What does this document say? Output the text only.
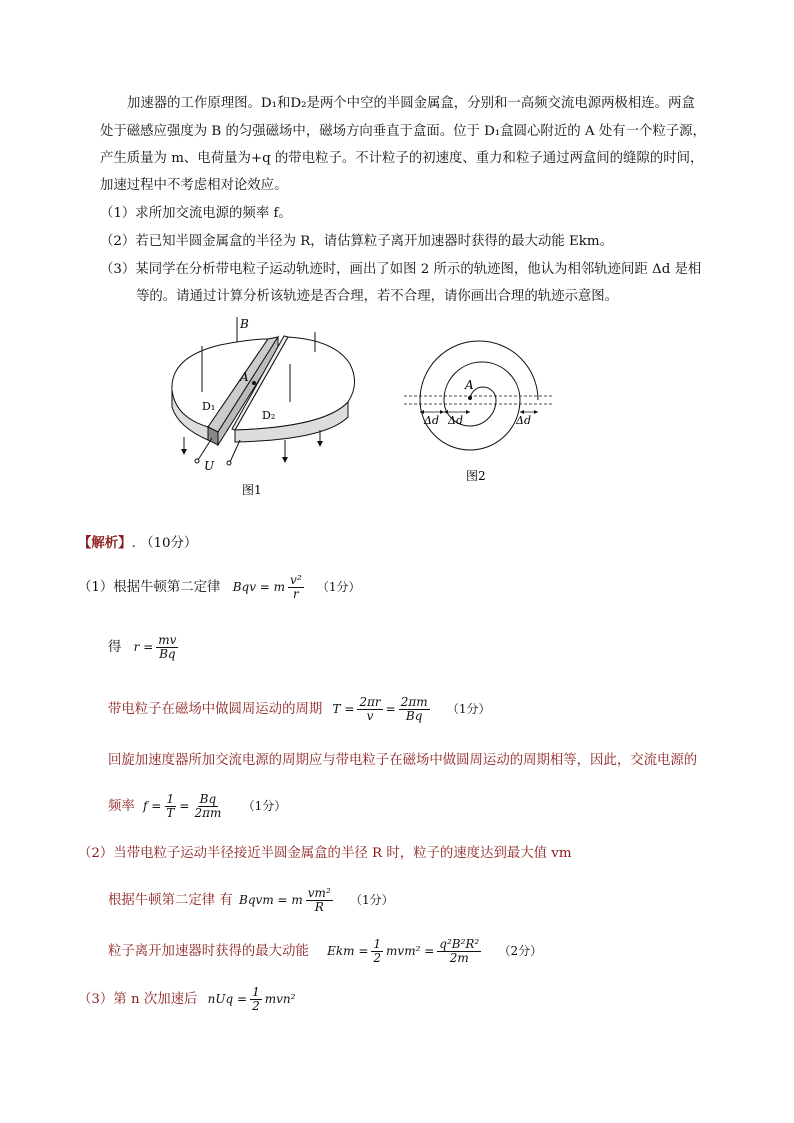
加速器的工作原理图。D₁和D₂是两个中空的半圆金属盒，分别和一高频交流电源两极相连。两盒
处于磁感应强度为 B 的匀强磁场中，磁场方向垂直于盒面。位于 D₁盒圆心附近的 A 处有一个粒子源，
产生质量为 m、电荷量为+q 的带电粒子。不计粒子的初速度、重力和粒子通过两盒间的缝隙的时间，
加速过程中不考虑相对论效应。
（1）求所加交流电源的频率 f。
（2）若已知半圆金属盒的半径为 R，请估算粒子离开加速器时获得的最大动能 Ekm。
（3）某同学在分析带电粒子运动轨迹时，画出了如图 2 所示的轨迹图，他认为相邻轨迹间距 Δd 是相
等的。请通过计算分析该轨迹是否合理，若不合理，请你画出合理的轨迹示意图。
B
A
D₁
D₂
U
图1
A
Δd Δd	Δd
图2
【解析】. （10分）
（1）根据牛顿第二定律 Bqv = m $\frac{\text{v²}}{r} (1$分）
得 $r = \frac{mv}{Bq}$
带电粒子在磁场中做圆周运动的周期 $T = \frac{2\pi r}{v} = \frac{2\pi m}{Bq} (1$分）
回旋加速度器所加交流电源的周期应与带电粒子在磁场中做圆周运动的周期相等，因此，交流电源的
频率 $f = \frac{1}{T} = \frac{Bq}{2\pi m} (1$分）
（2）当带电粒子运动半径接近半圆金属盒的半径 R 时，粒子的速度达到最大值 vm
根据牛顿第二定律 有 Bqvm = m $\frac{\text{vm²}}{R} (1$分）
粒子离开加速器时获得的最大动能 Ekm = $\frac{1}{2} mvm^2 = \frac{\text{q²B²R²}}{2m} (2$分）
（3）第 n 次加速后 nUq = $\frac{1}{2} mvn^2$
